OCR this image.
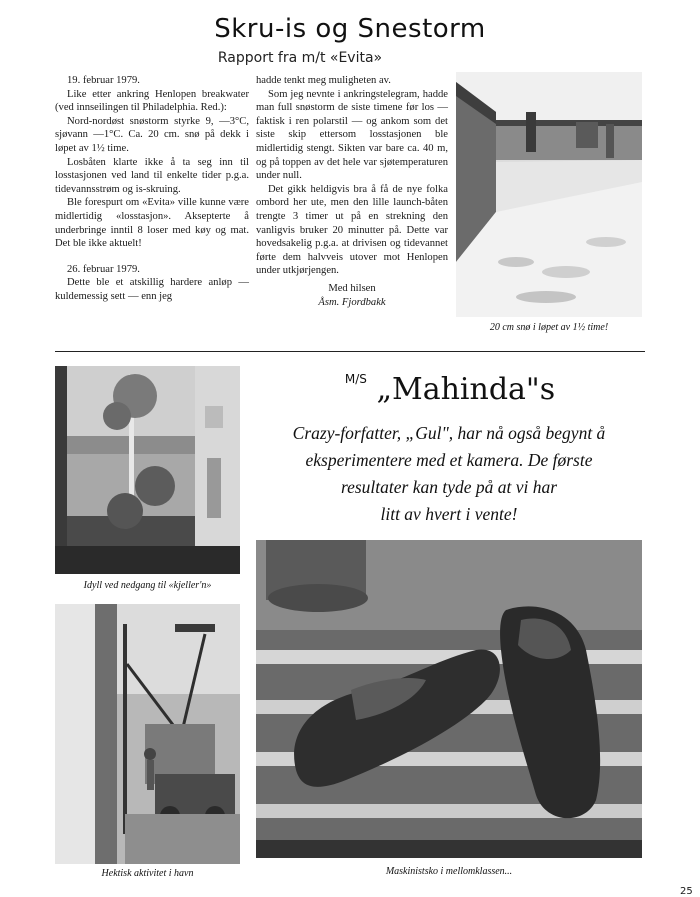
Skru-is og Snestorm
Rapport fra m/t «Evita»

19. februar 1979.

Like etter ankring Henlopen breakwater (ved innseilingen til Philadelphia. Red.):

Nord-nordøst snøstorm styrke 9, —3°C, sjøvann —1°C. Ca. 20 cm. snø på dekk i løpet av 1½ time.

Losbåten klarte ikke å ta seg inn til losstasjonen ved land til enkelte tider p.g.a. tidevannsstrøm og is-skruing.

Ble forespurt om «Evita» ville kunne være midlertidig «losstasjon». Aksepterte å underbringe inntil 8 loser med køy og mat. Det ble ikke aktuelt!

26. februar 1979.

Dette ble et atskillig hardere anløp — kuldemessig sett — enn jeg

hadde tenkt meg muligheten av.

Som jeg nevnte i ankringstelegram, hadde man full snøstorm de siste timene før los — faktisk i ren polarstil — og ankom som det siste skip ettersom losstasjonen ble midlertidig stengt. Sikten var bare ca. 40 m, og på toppen av det hele var sjøtemperaturen under null.

Det gikk heldigvis bra å få de nye folka ombord her ute, men den lille launch-båten trengte 3 timer ut på en strekning den vanligvis bruker 20 minutter på. Dette var hovedsakelig p.g.a. at drivisen og tidevannet førte dem halvveis utover mot Henlopen under utkjørjengen.

Med hilsen

Åsm. Fjordbakk

20 cm snø i løpet av 1½ time!
Idyll ved nedgang til «kjeller'n»
Hektisk aktivitet i havn
$^{M/S}$ „Mahinda"s
Crazy-forfatter, „Gul", har nå også begynt å
eksperimentere med et kamera. De første
resultater kan tyde på at vi har
litt av hvert i vente!
Maskinistsko i mellomklassen...
25
